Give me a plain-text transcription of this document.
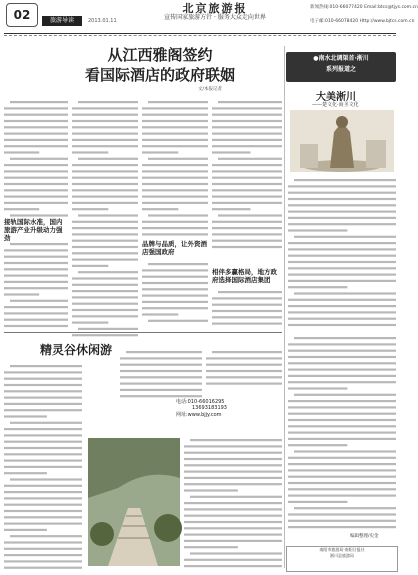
02	北京旅游报
宣传国家旅游方针 · 服务大众走向世界
旅游导读	2013.01.11
新闻热线:010-66077420 Email:btcs@tjys.com.cn
电子邮:010-66078420 Http://www.bjtcs.com.cn
从江西雅阁签约
看国际酒店的政府联姻
文/本报记者
接轨国际水准，国内旅游产业升级动力强劲
品牌与品质，让外资酒店强国政府
相伴多赢格局，地方政府选择国际酒店集团
●南水北调渠首·淅川
系列报道之
大美淅川
——楚文化·商圣文化
编辑整理/史金
南阳市旅游局·南阳日报社
淅川县旅游局
精灵谷休闲游
电话:010-66016295
13693183193
网址:www.bjjy.com
